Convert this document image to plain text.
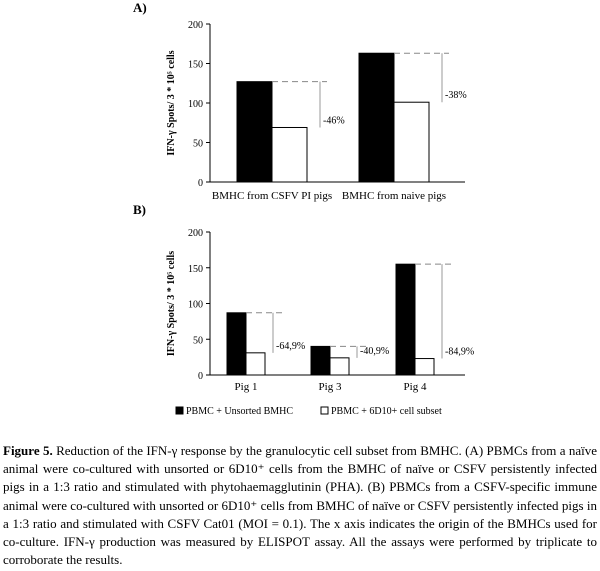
A)
0
50
100
150
200
IFN-γ Spots/ 3 * 10⁵ cells	-46%
BMHC from CSFV PI pigs
-38%
BMHC from naive pigs
B)
0
50
100
150
200
IFN-γ Spots/ 3 * 10⁵ cells	-64,9%
Pig 1
-40,9%
Pig 3
-84,9%
Pig 4
PBMC + Unsorted BMHC	PBMC + 6D10+ cell subset
Figure 5. Reduction of the IFN-γ response by the granulocytic cell subset from BMHC. (A) PBMCs from a naïve animal were co-cultured with unsorted or 6D10⁺ cells from the BMHC of naïve or CSFV persistently infected pigs in a 1:3 ratio and stimulated with phytohaemagglutinin (PHA). (B) PBMCs from a CSFV-specific immune animal were co-cultured with unsorted or 6D10⁺ cells from BMHC of naïve or CSFV persistently infected pigs in a 1:3 ratio and stimulated with CSFV Cat01 (MOI = 0.1). The x axis indicates the origin of the BMHCs used for co-culture. IFN-γ production was measured by ELISPOT assay. All the assays were performed by triplicate to corroborate the results.
